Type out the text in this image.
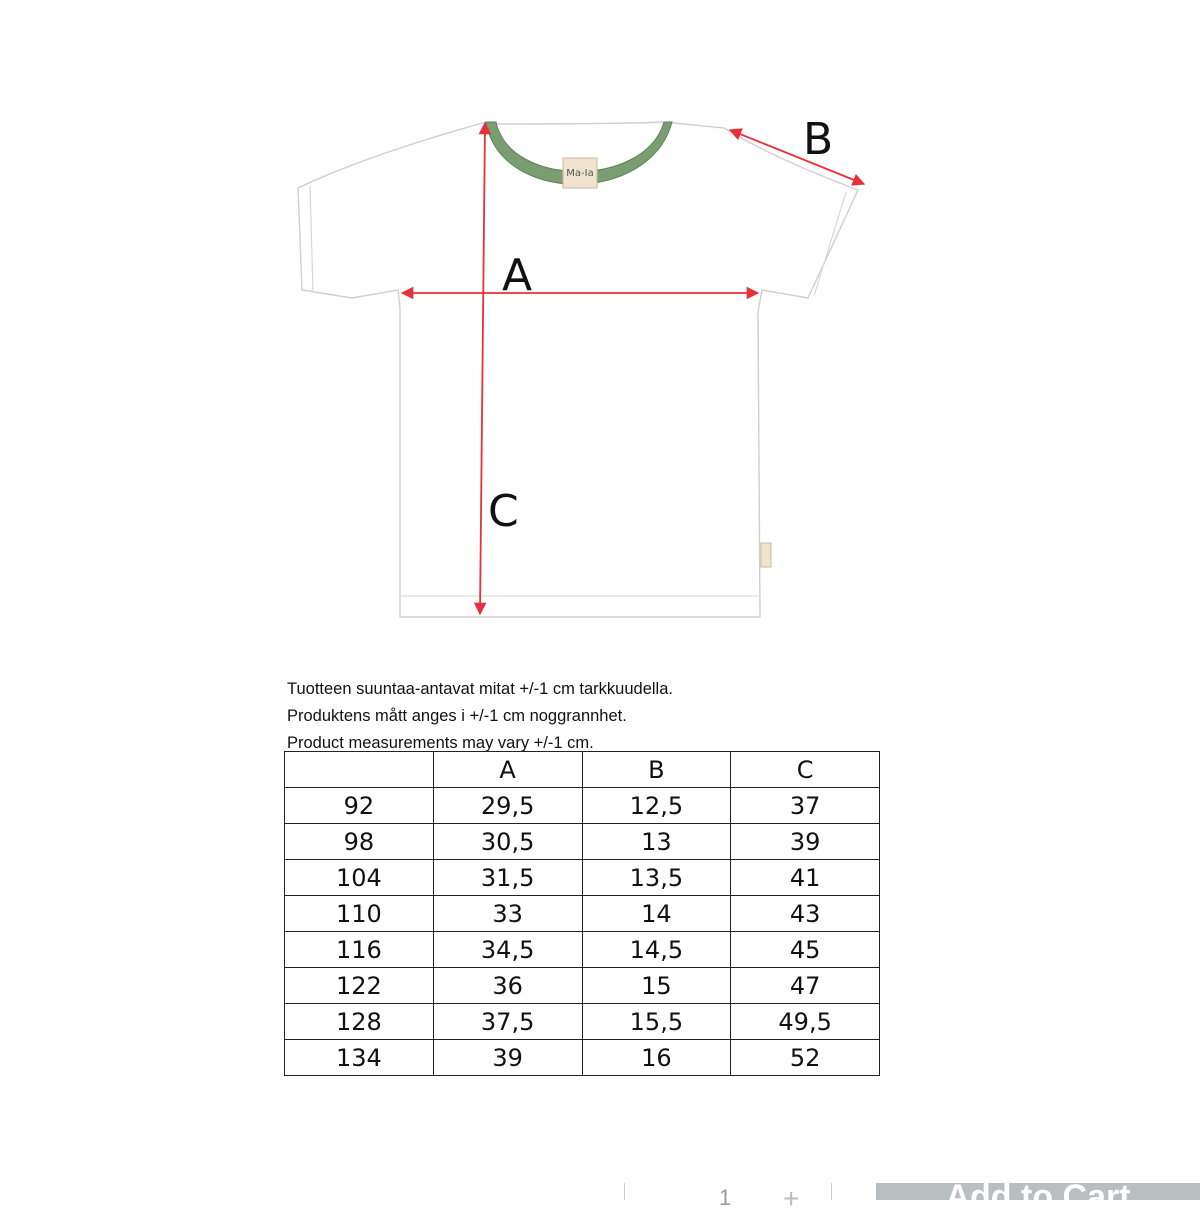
Ma-Ia
A
B
C
Tuotteen suuntaa-antavat mitat +/-1 cm tarkkuudella.
Produktens mått anges i +/-1 cm noggrannhet.
Product measurements may vary +/-1 cm.
	A	B	C
92	29,5	12,5	37
98	30,5	13	39
104	31,5	13,5	41
110	33	14	43
116	34,5	14,5	45
122	36	15	47
128	37,5	15,5	49,5
134	39	16	52
1 +	Add to Cart
